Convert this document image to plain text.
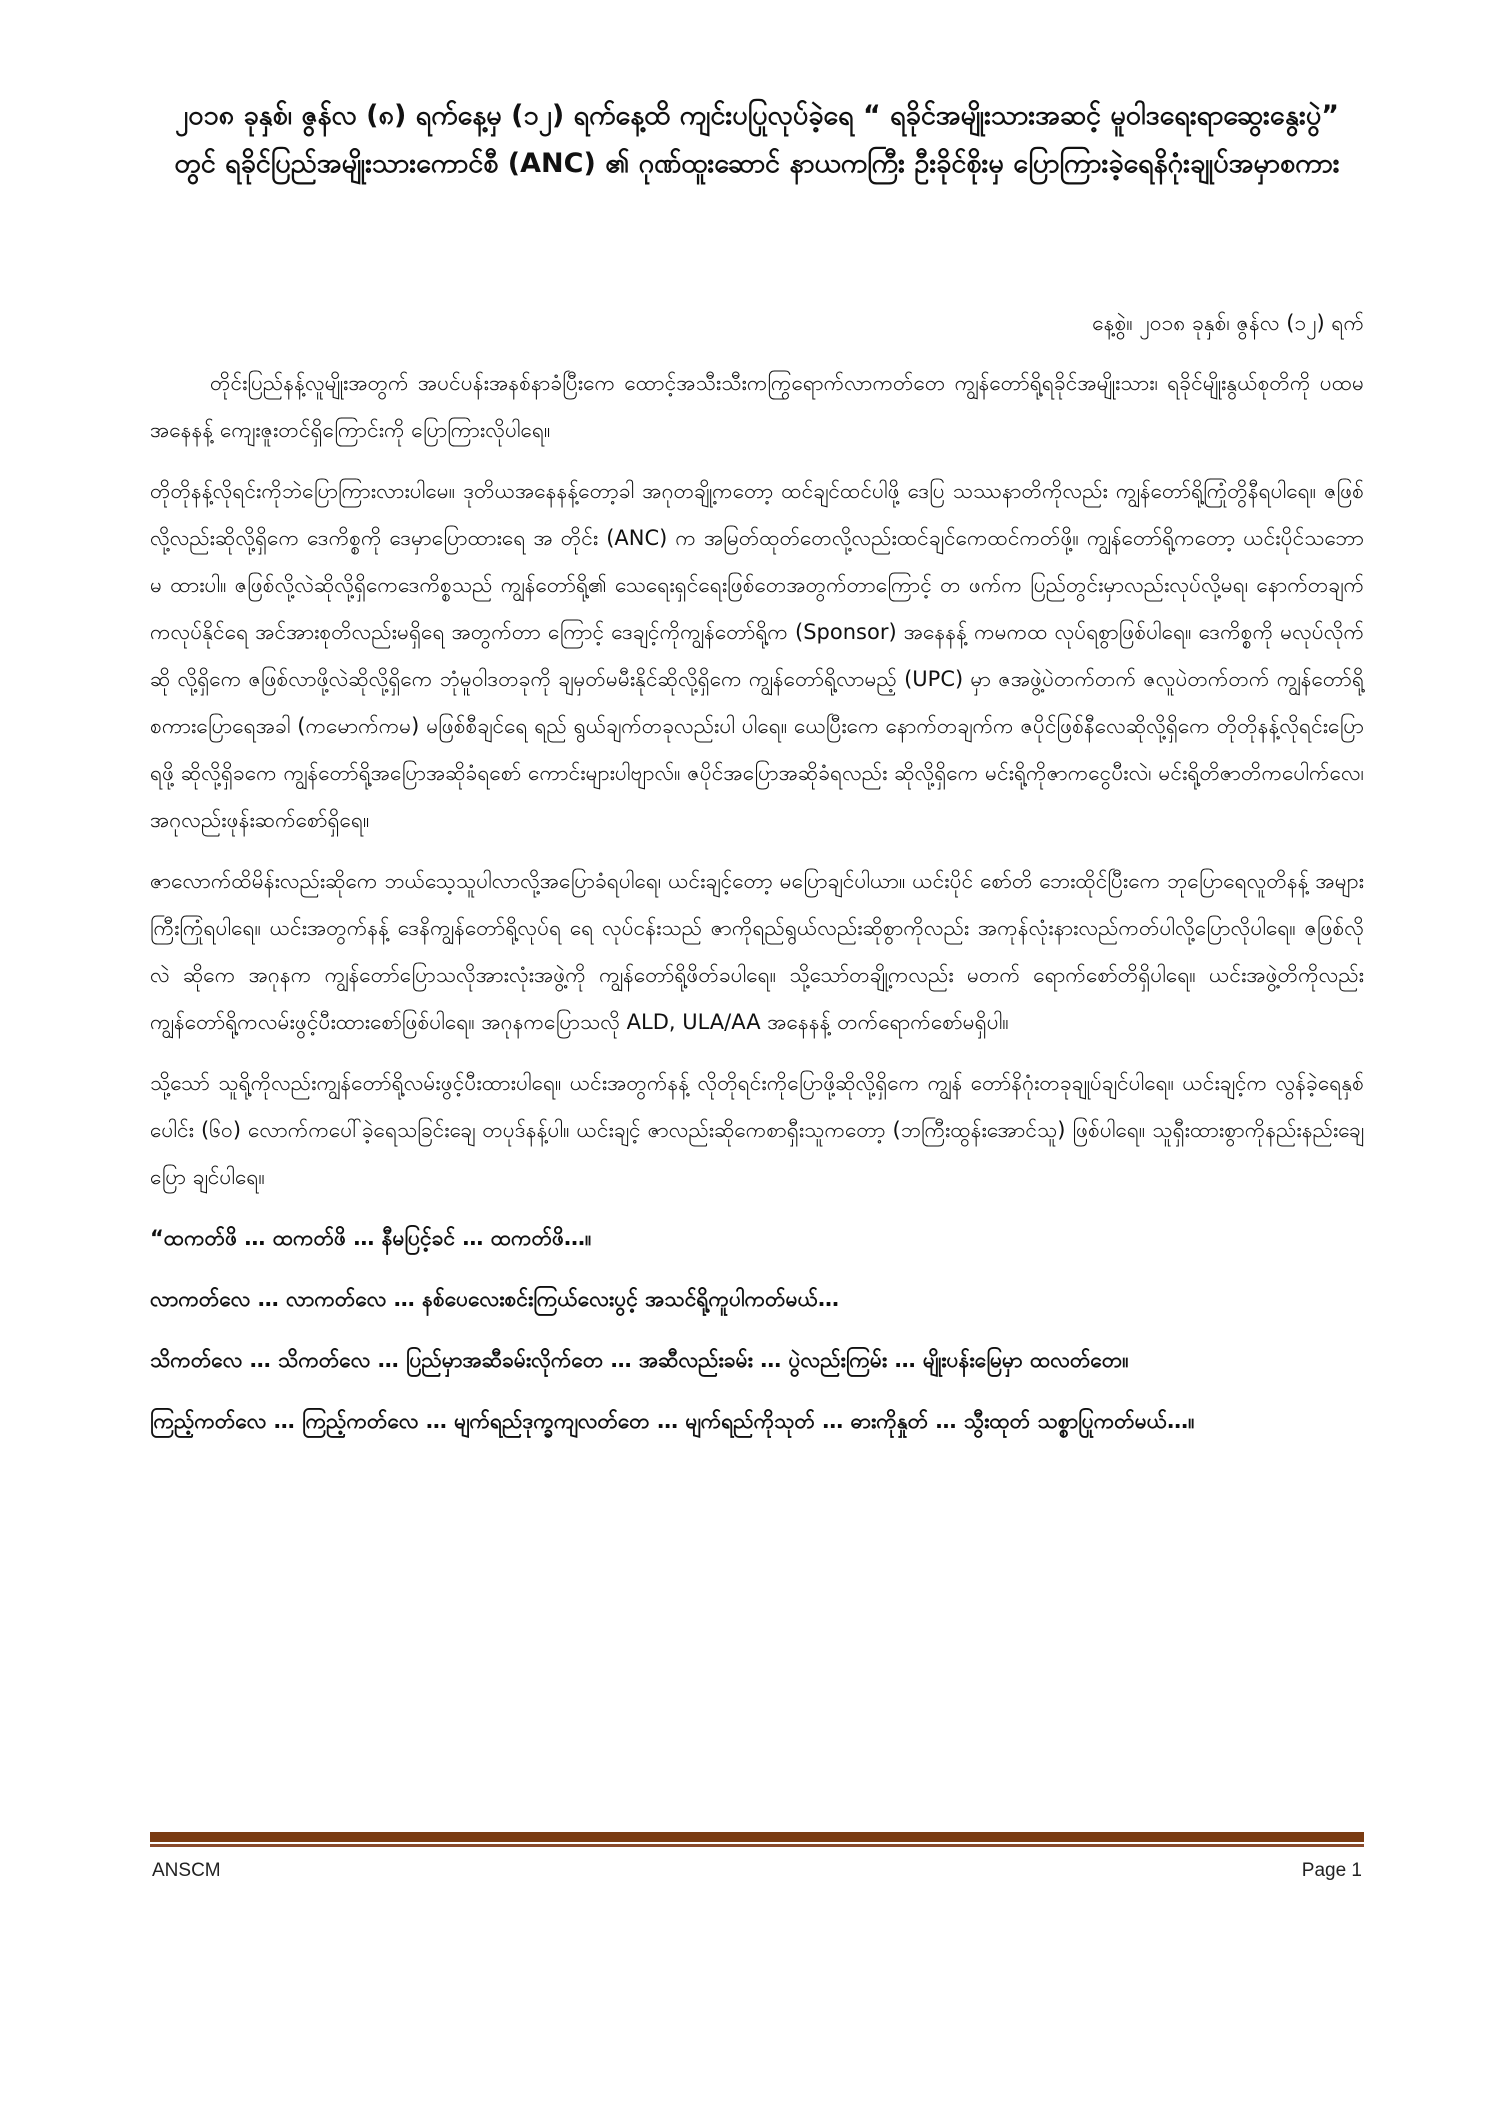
၂၀၁၈ ခုနှစ်၊ ဇွန်လ (၈) ရက်နေ့မှ (၁၂) ရက်နေ့ထိ ကျင်းပပြုလုပ်ခဲ့ရေ “ ရခိုင်အမျိုးသားအဆင့် မူဝါဒရေးရာဆွေးနွေးပွဲ” တွင် ရခိုင်ပြည်အမျိုးသားကောင်စီ (ANC) ၏ ဂုဏ်ထူးဆောင် နာယကကြီး ဦးခိုင်စိုးမှ ပြောကြားခဲ့ရေနိဂုံးချုပ်အမှာစကား
နေ့စွဲ။ ၂၀၁၈ ခုနှစ်၊ ဇွန်လ (၁၂) ရက်

တိုင်းပြည်နန့်လူမျိုးအတွက် အပင်ပန်းအနစ်နာခံပြီးကေ ထောင့်အသီးသီးကကြွရောက်လာကတ်တေ ကျွန်တော်ရို့ရခိုင်အမျိုးသား၊ ရခိုင်မျိုးနွယ်စုတိကို ပထမအနေနန့် ကျေးဇူးတင်ရှိကြောင်းကို ပြောကြားလိုပါရေ။

တိုတိုနန့်လိုရင်းကိုဘဲပြောကြားလားပါမေ။ ဒုတိယအနေနန့်တော့ခါ အဂုတချို့ကတော့ ထင်ချင်ထင်ပါဖို့ ဒေပြ သဿနာတိကိုလည်း ကျွန်တော်ရို့ကြုံတွိနီရပါရေ။ ဇဖြစ်လို့လည်းဆိုလို့ရှိကေ ဒေကိစ္စကို ဒေမှာပြောထားရေ အ တိုင်း (ANC) က အမြတ်ထုတ်တေလို့လည်းထင်ချင်ကေထင်ကတ်ဖို့။ ကျွန်တော်ရို့ကတော့ ယင်းပိုင်သဘော မ ထားပါ။ ဇဖြစ်လို့လဲဆိုလို့ရှိကေဒေကိစ္စသည် ကျွန်တော်ရို့၏ သေရေးရှင်ရေးဖြစ်တေအတွက်တာကြောင့် တ ဖက်က ပြည်တွင်းမှာလည်းလုပ်လို့မရ၊ နောက်တချက်ကလုပ်နိုင်ရေ အင်အားစုတိလည်းမရှိရေ အတွက်တာ ကြောင့် ဒေချင့်ကိုကျွန်တော်ရို့က (Sponsor) အနေနန့် ကမကထ လုပ်ရစွာဖြစ်ပါရေ။ ဒေကိစ္စကို မလုပ်လိုက်ဆို လို့ရှိကေ ဇဖြစ်လာဖို့လဲဆိုလို့ရှိကေ ဘုံမူဝါဒတခုကို ချမှတ်မမီးနိုင်ဆိုလို့ရှိကေ ကျွန်တော်ရို့လာမည့် (UPC) မှာ ဇအဖွဲ့ပဲတက်တက် ဇလူပဲတက်တက် ကျွန်တော်ရို့စကားပြောရေအခါ (ကမောက်ကမ) မဖြစ်စီချင်ရေ ရည် ရွယ်ချက်တခုလည်းပါ ပါရေ။ ယေပြီးကေ နောက်တချက်က ဇပိုင်ဖြစ်နီလေဆိုလို့ရှိကေ တိုတိုနန့်လိုရင်းပြောရဖို့ ဆိုလို့ရှိခကေ ကျွန်တော်ရို့အပြောအဆိုခံရစော် ကောင်းများပါဗျာလ်။ ဇပိုင်အပြောအဆိုခံရလည်း ဆိုလို့ရှိကေ မင်းရို့ကိုဇာကငွေပီးလဲ၊ မင်းရို့တိဇာတိကပေါက်လေ၊ အဂုလည်းဖုန်းဆက်စော်ရှိရေ။

ဇာလောက်ထိမိန်းလည်းဆိုကေ ဘယ်သေ့သူပါလာလို့အပြောခံရပါရေ၊ ယင်းချင့်တော့ မပြောချင်ပါယာ။ ယင်းပိုင် စော်တိ ဘေးထိုင်ပြီးကေ ဘုပြောရေလူတိနန့် အများကြီးကြုံရပါရေ။ ယင်းအတွက်နန့် ဒေနိကျွန်တော်ရို့လုပ်ရ ရေ လုပ်ငန်းသည် ဇာကိုရည်ရွယ်လည်းဆိုစွာကိုလည်း အကုန်လုံးနားလည်ကတ်ပါလို့ပြောလိုပါရေ။ ဇဖြစ်လိုလဲ ဆိုကေ အဂုနက ကျွန်တော်ပြောသလိုအားလုံးအဖွဲ့ကို ကျွန်တော်ရို့ဖိတ်ခပါရေ။ သို့သော်တချို့ကလည်း မတက် ရောက်စော်တိရှိပါရေ။ ယင်းအဖွဲ့တိကိုလည်း ကျွန်တော်ရို့ကလမ်းဖွင့်ပီးထားစော်ဖြစ်ပါရေ။ အဂုနကပြောသလို ALD, ULA/AA အနေနန့် တက်ရောက်စော်မရှိပါ။

သို့သော် သူရို့ကိုလည်းကျွန်တော်ရို့လမ်းဖွင့်ပီးထားပါရေ။ ယင်းအတွက်နန့် လိုတိုရင်းကိုပြောဖို့ဆိုလို့ရှိကေ ကျွန် တော်နိဂုံးတခုချုပ်ချင်ပါရေ။ ယင်းချင့်က လွန်ခဲ့ရေနှစ်ပေါင်း (၆၀) လောက်ကပေါ်ခဲ့ရေသခြင်းချေ တပုဒ်နန့်ပါ။ ယင်းချင့် ဇာလည်းဆိုကေစာရှီးသူကတော့ (ဘကြီးထွန်းအောင်သူ) ဖြစ်ပါရေ။ သူရှီးထားစွာကိုနည်းနည်းချေ ပြော ချင်ပါရေ။

“ထကတ်ဖိ … ထကတ်ဖိ … နီမပြင့်ခင် … ထကတ်ဖိ…။

လာကတ်လေ … လာကတ်လေ … နစ်ပေလေးစင်းကြယ်လေးပွင့် အသင်ရို့ကူပါကတ်မယ်…

သိကတ်လေ … သိကတ်လေ … ပြည်မှာအဆီခမ်းလိုက်တေ … အဆီလည်းခမ်း … ပွဲလည်းကြမ်း … မျိုးပန်းမြေမှာ ထလတ်တေ။

ကြည့်ကတ်လေ … ကြည့်ကတ်လေ … မျက်ရည်ဒုက္ခကျလတ်တေ … မျက်ရည်ကိုသုတ် … ဓားကိုနှုတ် … သွီးထုတ် သစ္စာပြုကတ်မယ်…။

ANSCM	Page 1
